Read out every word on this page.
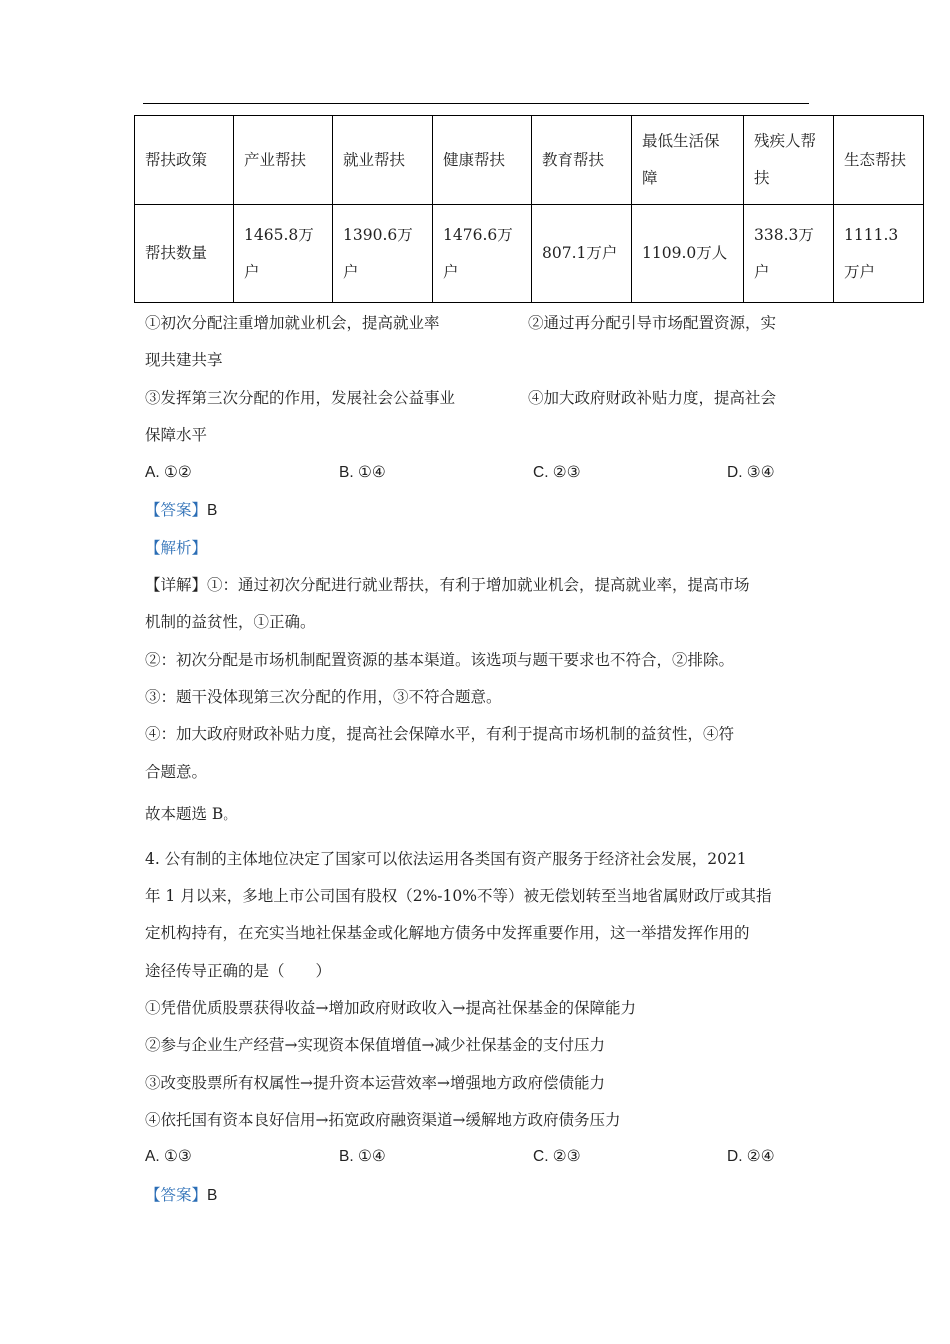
帮扶政策	产业帮扶	就业帮扶	健康帮扶	教育帮扶	最低生活保障	残疾人帮扶	生态帮扶
帮扶数量	1465.8万户	1390.6万户	1476.6万户	807.1万户	1109.0万人	338.3万户	1111.3万户
①初次分配注重增加就业机会，提高就业率	②通过再分配引导市场配置资源，实
现共建共享
③发挥第三次分配的作用，发展社会公益事业	④加大政府财政补贴力度，提高社会
保障水平
A. ①②	B. ①④	C. ②③	D. ③④
【答案】B
【解析】
【详解】①：通过初次分配进行就业帮扶，有利于增加就业机会，提高就业率，提高市场
机制的益贫性，①正确。
②：初次分配是市场机制配置资源的基本渠道。该选项与题干要求也不符合，②排除。
③：题干没体现第三次分配的作用，③不符合题意。
④：加大政府财政补贴力度，提高社会保障水平，有利于提高市场机制的益贫性，④符
合题意。
故本题选 B。
4. 公有制的主体地位决定了国家可以依法运用各类国有资产服务于经济社会发展，2021
年 1 月以来，多地上市公司国有股权（2%-10%不等）被无偿划转至当地省属财政厅或其指
定机构持有，在充实当地社保基金或化解地方债务中发挥重要作用，这一举措发挥作用的
途径传导正确的是（　　）
①凭借优质股票获得收益→增加政府财政收入→提高社保基金的保障能力
②参与企业生产经营→实现资本保值增值→减少社保基金的支付压力
③改变股票所有权属性→提升资本运营效率→增强地方政府偿债能力
④依托国有资本良好信用→拓宽政府融资渠道→缓解地方政府债务压力
A. ①③	B. ①④	C. ②③	D. ②④
【答案】B
